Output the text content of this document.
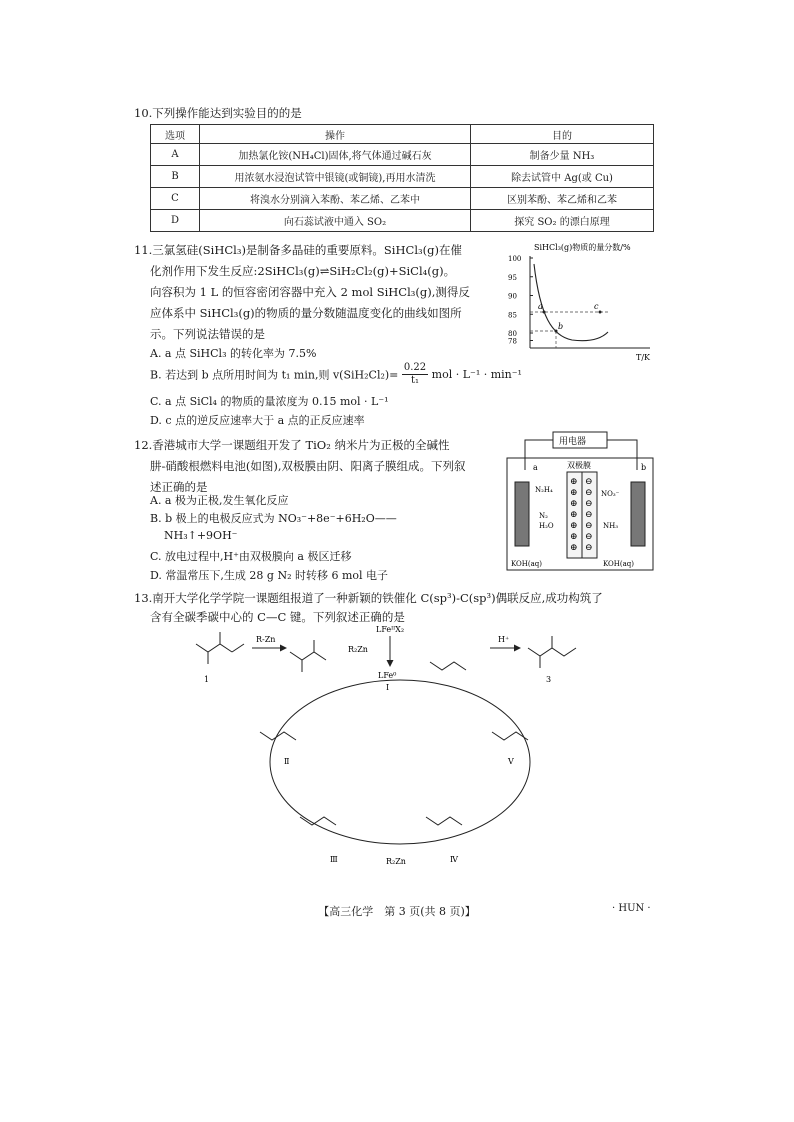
10.下列操作能达到实验目的的是
选项	操作	目的
A	加热氯化铵(NH₄Cl)固体,将气体通过碱石灰	制备少量 NH₃
B	用浓氨水浸泡试管中银镜(或铜镜),再用水清洗	除去试管中 Ag(或 Cu)
C	将溴水分别滴入苯酚、苯乙烯、乙苯中	区别苯酚、苯乙烯和乙苯
D	向石蕊试液中通入 SO₂	探究 SO₂ 的漂白原理
11.三氯氢硅(SiHCl₃)是制备多晶硅的重要原料。SiHCl₃(g)在催
化剂作用下发生反应:2SiHCl₃(g)⇌SiH₂Cl₂(g)+SiCl₄(g)。
向容积为 1 L 的恒容密闭容器中充入 2 mol SiHCl₃(g),测得反
应体系中 SiHCl₃(g)的物质的量分数随温度变化的曲线如图所
示。下列说法错误的是
A. a 点 SiHCl₃ 的转化率为 7.5%
B. 若达到 b 点所用时间为 t₁ min,则 $v(SiH_2Cl_2)= \frac{0.22}{\text{t₁}}$ mol · L⁻¹ · min⁻¹
C. a 点 SiCl₄ 的物质的量浓度为 0.15 mol · L⁻¹
D. c 点的逆反应速率大于 a 点的正反应速率
SiHCl₃(g)物质的量分数/%
78
80
85
90
95
100
T/K
a
b
c
12.香港城市大学一课题组开发了 TiO₂ 纳米片为正极的全碱性
肼-硝酸根燃料电池(如图),双极膜由阴、阳离子膜组成。下列叙
述正确的是
A. a 极为正极,发生氧化反应
B. b 极上的电极反应式为 NO₃⁻+8e⁻+6H₂O——
NH₃↑+9OH⁻
C. 放电过程中,H⁺由双极膜向 a 极区迁移
D. 常温常压下,生成 28 g N₂ 时转移 6 mol 电子
用电器
a	b
双极膜
⊕ ⊖
⊕ ⊖
⊕ ⊖
⊕ ⊖
⊕ ⊖
⊕ ⊖
⊕ ⊖
N₂H₄
N₂
H₂O
NO₃⁻
NH₃
KOH(aq)	KOH(aq)
13.南开大学化学学院一课题组报道了一种新颖的铁催化 C(sp³)-C(sp³)偶联反应,成功构筑了
含有全碳季碳中心的 C—C 键。下列叙述正确的是
1
R-Zn
LFeᴵᴵX₂
R₂Zn
LFe⁰
Ⅰ
H⁺
3
Ⅱ
Ⅲ	Ⅳ
Ⅴ
R₂Zn
【高三化学　第 3 页(共 8 页)】	· HUN ·
